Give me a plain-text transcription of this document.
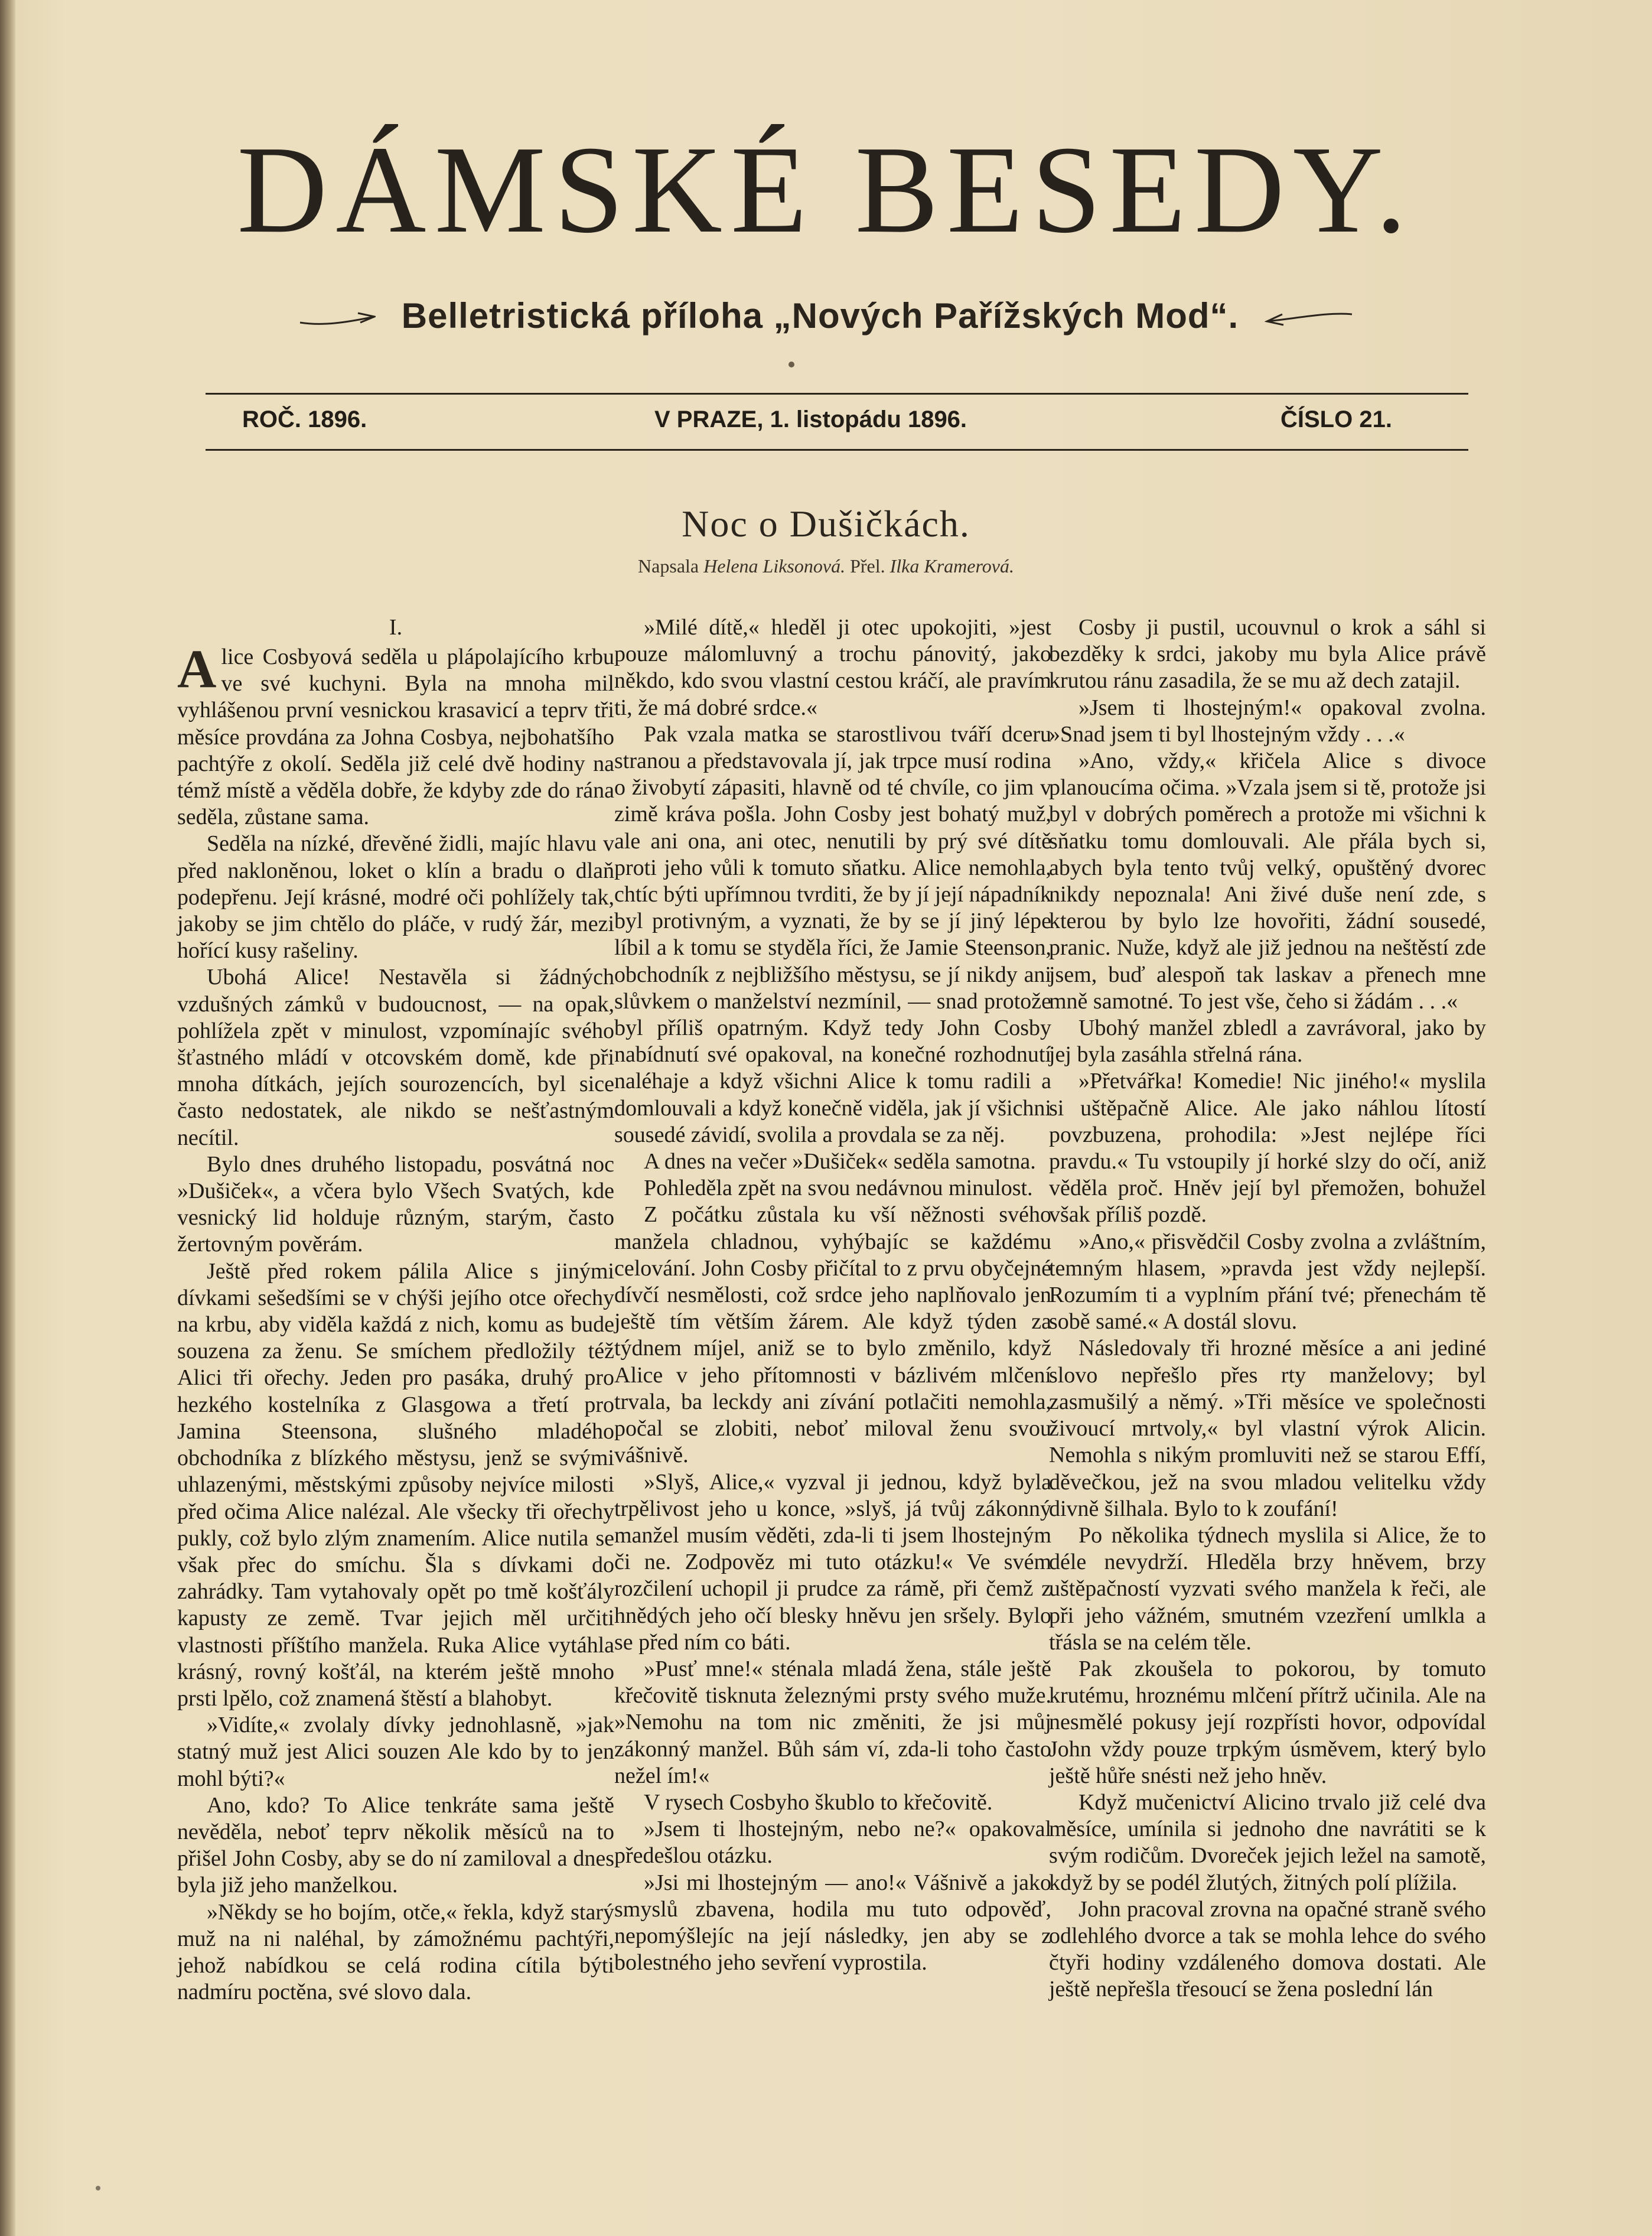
DÁMSKÉ BESEDY.
Belletristická příloha „Nových Pařížských Mod“.
ROČ. 1896.	V PRAZE, 1. listopádu 1896.	ČÍSLO 21.
Noc o Dušičkách.
Napsala Helena Liksonová. Přel. Ilka Kramerová.
I.

Alice Cosbyová seděla u plápolajícího krbu ve své kuchyni. Byla na mnoha mil vyhlášenou první vesnickou krasavicí a teprv tři měsíce provdána za Johna Cosbya, nejbohatšího pachtýře z okolí. Seděla již celé dvě hodiny na témž místě a věděla dobře, že kdyby zde do rána seděla, zůstane sama.

Seděla na nízké, dřevěné židli, majíc hlavu v před nakloněnou, loket o klín a bradu o dlaň podepřenu. Její krásné, modré oči pohlížely tak, jakoby se jim chtělo do pláče, v rudý žár, mezi hořící kusy rašeliny.

Ubohá Alice! Nestavěla si žádných vzdušných zámků v budoucnost, — na opak, pohlížela zpět v minulost, vzpomínajíc svého šťastného mládí v otcovském domě, kde při mnoha dítkách, jejích sourozencích, byl sice často nedostatek, ale nikdo se nešťastným necítil.

Bylo dnes druhého listopadu, posvátná noc »Dušiček«, a včera bylo Všech Svatých, kde vesnický lid holduje různým, starým, často žertovným pověrám.

Ještě před rokem pálila Alice s jinými dívkami sešedšími se v chýši jejího otce ořechy na krbu, aby viděla každá z nich, komu as bude souzena za ženu. Se smíchem předložily též Alici tři ořechy. Jeden pro pasáka, druhý pro hezkého kostelníka z Glasgowa a třetí pro Jamina Steensona, slušného mladého obchodníka z blízkého městysu, jenž se svými uhlazenými, městskými způsoby nejvíce milosti před očima Alice nalézal. Ale všecky tři ořechy pukly, což bylo zlým znamením. Alice nutila se však přec do smíchu. Šla s dívkami do zahrádky. Tam vytahovaly opět po tmě košťály kapusty ze země. Tvar jejich měl určiti vlastnosti příštího manžela. Ruka Alice vytáhla krásný, rovný košťál, na kterém ještě mnoho prsti lpělo, což znamená štěstí a blahobyt.

»Vidíte,« zvolaly dívky jednohlasně, »jak statný muž jest Alici souzen Ale kdo by to jen mohl býti?«

Ano, kdo? To Alice tenkráte sama ještě nevěděla, neboť teprv několik měsíců na to přišel John Cosby, aby se do ní zamiloval a dnes byla již jeho manželkou.

»Někdy se ho bojím, otče,« řekla, když starý muž na ni naléhal, by zámožnému pachtýři, jehož nabídkou se celá rodina cítila býti nadmíru poctěna, své slovo dala.

»Milé dítě,« hleděl ji otec upokojiti, »jest pouze málomluvný a trochu pánovitý, jako někdo, kdo svou vlastní cestou kráčí, ale pravím ti, že má dobré srdce.«

Pak vzala matka se starostlivou tváří dceru stranou a představovala jí, jak trpce musí rodina o živobytí zápasiti, hlavně od té chvíle, co jim v zimě kráva pošla. John Cosby jest bohatý muž, ale ani ona, ani otec, nenutili by prý své dítě proti jeho vůli k tomuto sňatku. Alice nemohla, chtíc býti upřímnou tvrditi, že by jí její nápadník byl protivným, a vyznati, že by se jí jiný lépe líbil a k tomu se styděla říci, že Jamie Steenson, obchodník z nejbližšího městysu, se jí nikdy ani slůvkem o manželství nezmínil, — snad protože byl příliš opatrným. Když tedy John Cosby nabídnutí své opakoval, na konečné rozhodnutí naléhaje a když všichni Alice k tomu radili a domlouvali a když konečně viděla, jak jí všichni sousedé závidí, svolila a provdala se za něj.

A dnes na večer »Dušiček« seděla samotna.

Pohleděla zpět na svou nedávnou minulost.

Z počátku zůstala ku vší něžnosti svého manžela chladnou, vyhýbajíc se každému celování. John Cosby přičítal to z prvu obyčejné dívčí nesmělosti, což srdce jeho naplňovalo jen ještě tím větším žárem. Ale když týden za týdnem míjel, aniž se to bylo změnilo, když Alice v jeho přítomnosti v bázlivém mlčení trvala, ba leckdy ani zívání potlačiti nemohla, počal se zlobiti, neboť miloval ženu svou vášnivě.

»Slyš, Alice,« vyzval ji jednou, když byla trpělivost jeho u konce, »slyš, já tvůj zákonný manžel musím věděti, zda-li ti jsem lhostejným či ne. Zodpověz mi tuto otázku!« Ve svém rozčilení uchopil ji prudce za rámě, při čemž z hnědých jeho očí blesky hněvu jen sršely. Bylo se před ním co báti.

»Pusť mne!« sténala mladá žena, stále ještě křečovitě tisknuta železnými prsty svého muže. »Nemohu na tom nic změniti, že jsi můj zákonný manžel. Bůh sám ví, zda-li toho často nežel ím!«

V rysech Cosbyho škublo to křečovitě.

»Jsem ti lhostejným, nebo ne?« opakoval předešlou otázku.

»Jsi mi lhostejným — ano!« Vášnivě a jako smyslů zbavena, hodila mu tuto odpověď, nepomýšlejíc na její následky, jen aby se z bolestného jeho sevření vyprostila.

Cosby ji pustil, ucouvnul o krok a sáhl si bezděky k srdci, jakoby mu byla Alice právě krutou ránu zasadila, že se mu až dech zatajil.

»Jsem ti lhostejným!« opakoval zvolna. »Snad jsem ti byl lhostejným vždy . . .«

»Ano, vždy,« křičela Alice s divoce planoucíma očima. »Vzala jsem si tě, protože jsi byl v dobrých poměrech a protože mi všichni k sňatku tomu domlouvali. Ale přála bych si, abych byla tento tvůj velký, opuštěný dvorec nikdy nepoznala! Ani živé duše není zde, s kterou by bylo lze hovořiti, žádní sousedé, pranic. Nuže, když ale již jednou na neštěstí zde jsem, buď alespoň tak laskav a přenech mne mně samotné. To jest vše, čeho si žádám . . .«

Ubohý manžel zbledl a zavrávoral, jako by jej byla zasáhla střelná rána.

»Přetvářka! Komedie! Nic jiného!« myslila si uštěpačně Alice. Ale jako náhlou lítostí povzbuzena, prohodila: »Jest nejlépe říci pravdu.« Tu vstoupily jí horké slzy do očí, aniž věděla proč. Hněv její byl přemožen, bohužel však příliš pozdě.

»Ano,« přisvědčil Cosby zvolna a zvláštním, temným hlasem, »pravda jest vždy nejlepší. Rozumím ti a vyplním přání tvé; přenechám tě sobě samé.« A dostál slovu.

Následovaly tři hrozné měsíce a ani jediné slovo nepřešlo přes rty manželovy; byl zasmušilý a němý. »Tři měsíce ve společnosti živoucí mrtvoly,« byl vlastní výrok Alicin. Nemohla s nikým promluviti než se starou Effí, děvečkou, jež na svou mladou velitelku vždy divně šilhala. Bylo to k zoufání!

Po několika týdnech myslila si Alice, že to déle nevydrží. Hleděla brzy hněvem, brzy uštěpačností vyzvati svého manžela k řeči, ale při jeho vážném, smutném vzezření umlkla a třásla se na celém těle.

Pak zkoušela to pokorou, by tomuto krutému, hroznému mlčení přítrž učinila. Ale na nesmělé pokusy její rozpřísti hovor, odpovídal John vždy pouze trpkým úsměvem, který bylo ještě hůře snésti než jeho hněv.

Když mučenictví Alicino trvalo již celé dva měsíce, umínila si jednoho dne navrátiti se k svým rodičům. Dvoreček jejich ležel na samotě, když by se podél žlutých, žitných polí plížila.

John pracoval zrovna na opačné straně svého odlehlého dvorce a tak se mohla lehce do svého čtyři hodiny vzdáleného domova dostati. Ale ještě nepřešla třesoucí se žena poslední lán
